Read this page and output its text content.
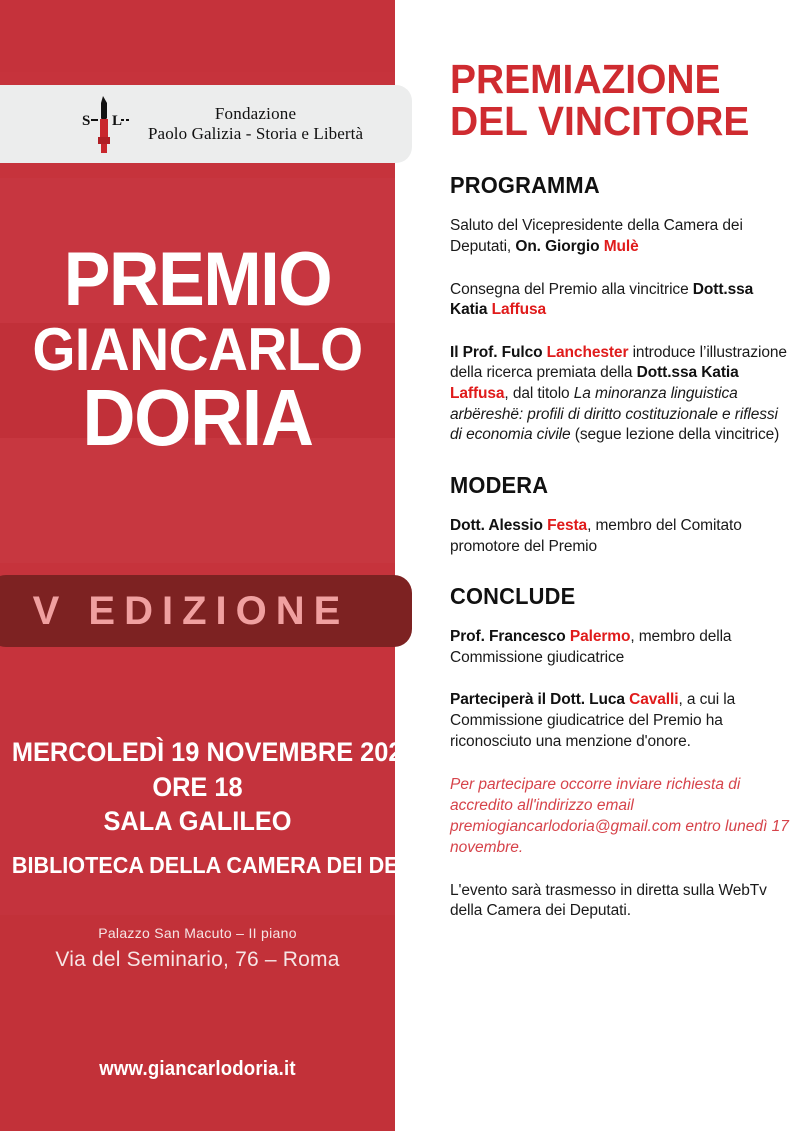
S L	Fondazione
Paolo Galizia - Storia e Libertà
PREMIO
GIANCARLO
DORIA
V EDIZIONE
MERCOLEDÌ 19 NOVEMBRE 2025
ORE 18
SALA GALILEO
BIBLIOTECA DELLA CAMERA DEI DEPUTATI
Palazzo San Macuto – II piano
Via del Seminario, 76 – Roma
www.giancarlodoria.it
PREMIAZIONE
DEL VINCITORE
PROGRAMMA
Saluto del Vicepresidente della Camera dei Deputati, On. Giorgio Mulè
Consegna del Premio alla vincitrice Dott.ssa Katia Laffusa
Il Prof. Fulco Lanchester introduce l’illustrazione della ricerca premiata della Dott.ssa Katia Laffusa, dal titolo La minoranza linguistica arbëreshë: profili di diritto costituzionale e riflessi di economia civile (segue lezione della vincitrice)
MODERA
Dott. Alessio Festa, membro del Comitato promotore del Premio
CONCLUDE
Prof. Francesco Palermo, membro della Commissione giudicatrice
Parteciperà il Dott. Luca Cavalli, a cui la Commissione giudicatrice del Premio ha riconosciuto una menzione d'onore.
Per partecipare occorre inviare richiesta di accredito all'indirizzo email premiogiancarlodoria@gmail.com entro lunedì 17 novembre.
L'evento sarà trasmesso in diretta sulla WebTv della Camera dei Deputati.
